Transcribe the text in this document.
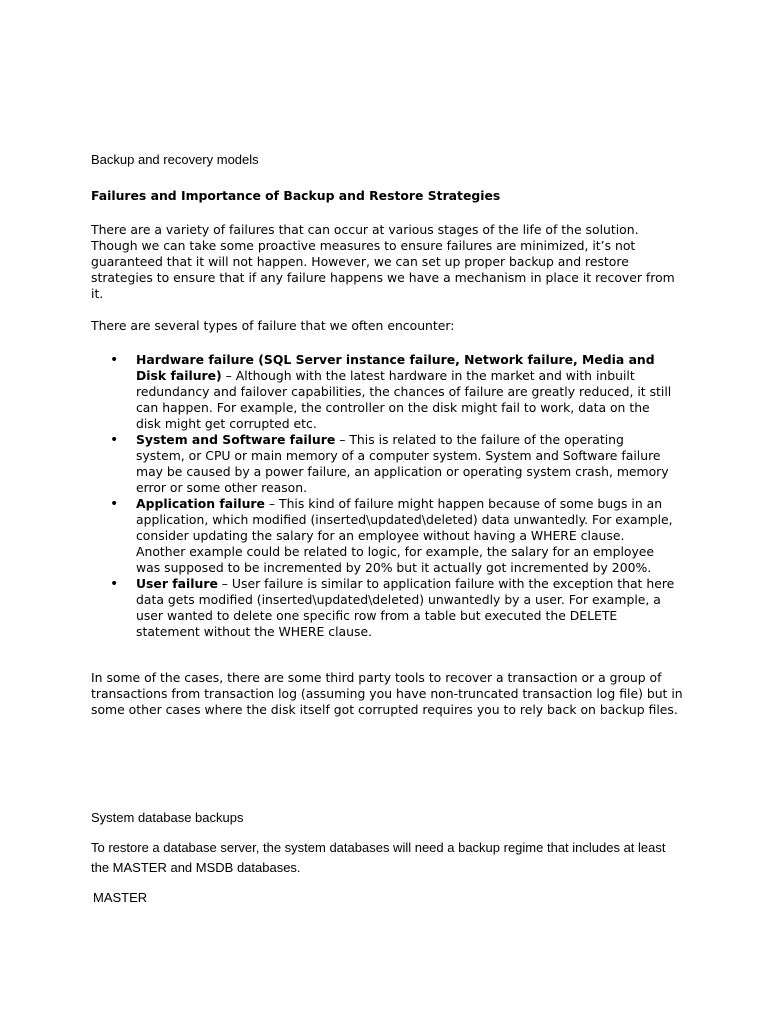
Backup and recovery models

Failures and Importance of Backup and Restore Strategies

There are a variety of failures that can occur at various stages of the life of the solution. Though we can take some proactive measures to ensure failures are minimized, it’s not guaranteed that it will not happen. However, we can set up proper backup and restore strategies to ensure that if any failure happens we have a mechanism in place it recover from it.

There are several types of failure that we often encounter:

• Hardware failure (SQL Server instance failure, Network failure, Media and Disk failure) – Although with the latest hardware in the market and with inbuilt redundancy and failover capabilities, the chances of failure are greatly reduced, it still can happen. For example, the controller on the disk might fail to work, data on the disk might get corrupted etc.
• System and Software failure – This is related to the failure of the operating system, or CPU or main memory of a computer system. System and Software failure may be caused by a power failure, an application or operating system crash, memory error or some other reason.
• Application failure – This kind of failure might happen because of some bugs in an application, which modified (inserted\updated\deleted) data unwantedly. For example, consider updating the salary for an employee without having a WHERE clause. Another example could be related to logic, for example, the salary for an employee was supposed to be incremented by 20% but it actually got incremented by 200%.
• User failure – User failure is similar to application failure with the exception that here data gets modified (inserted\updated\deleted) unwantedly by a user. For example, a user wanted to delete one specific row from a table but executed the DELETE statement without the WHERE clause.

In some of the cases, there are some third party tools to recover a transaction or a group of transactions from transaction log (assuming you have non-truncated transaction log file) but in some other cases where the disk itself got corrupted requires you to rely back on backup files.

System database backups

To restore a database server, the system databases will need a backup regime that includes at least the MASTER and MSDB databases.

MASTER
